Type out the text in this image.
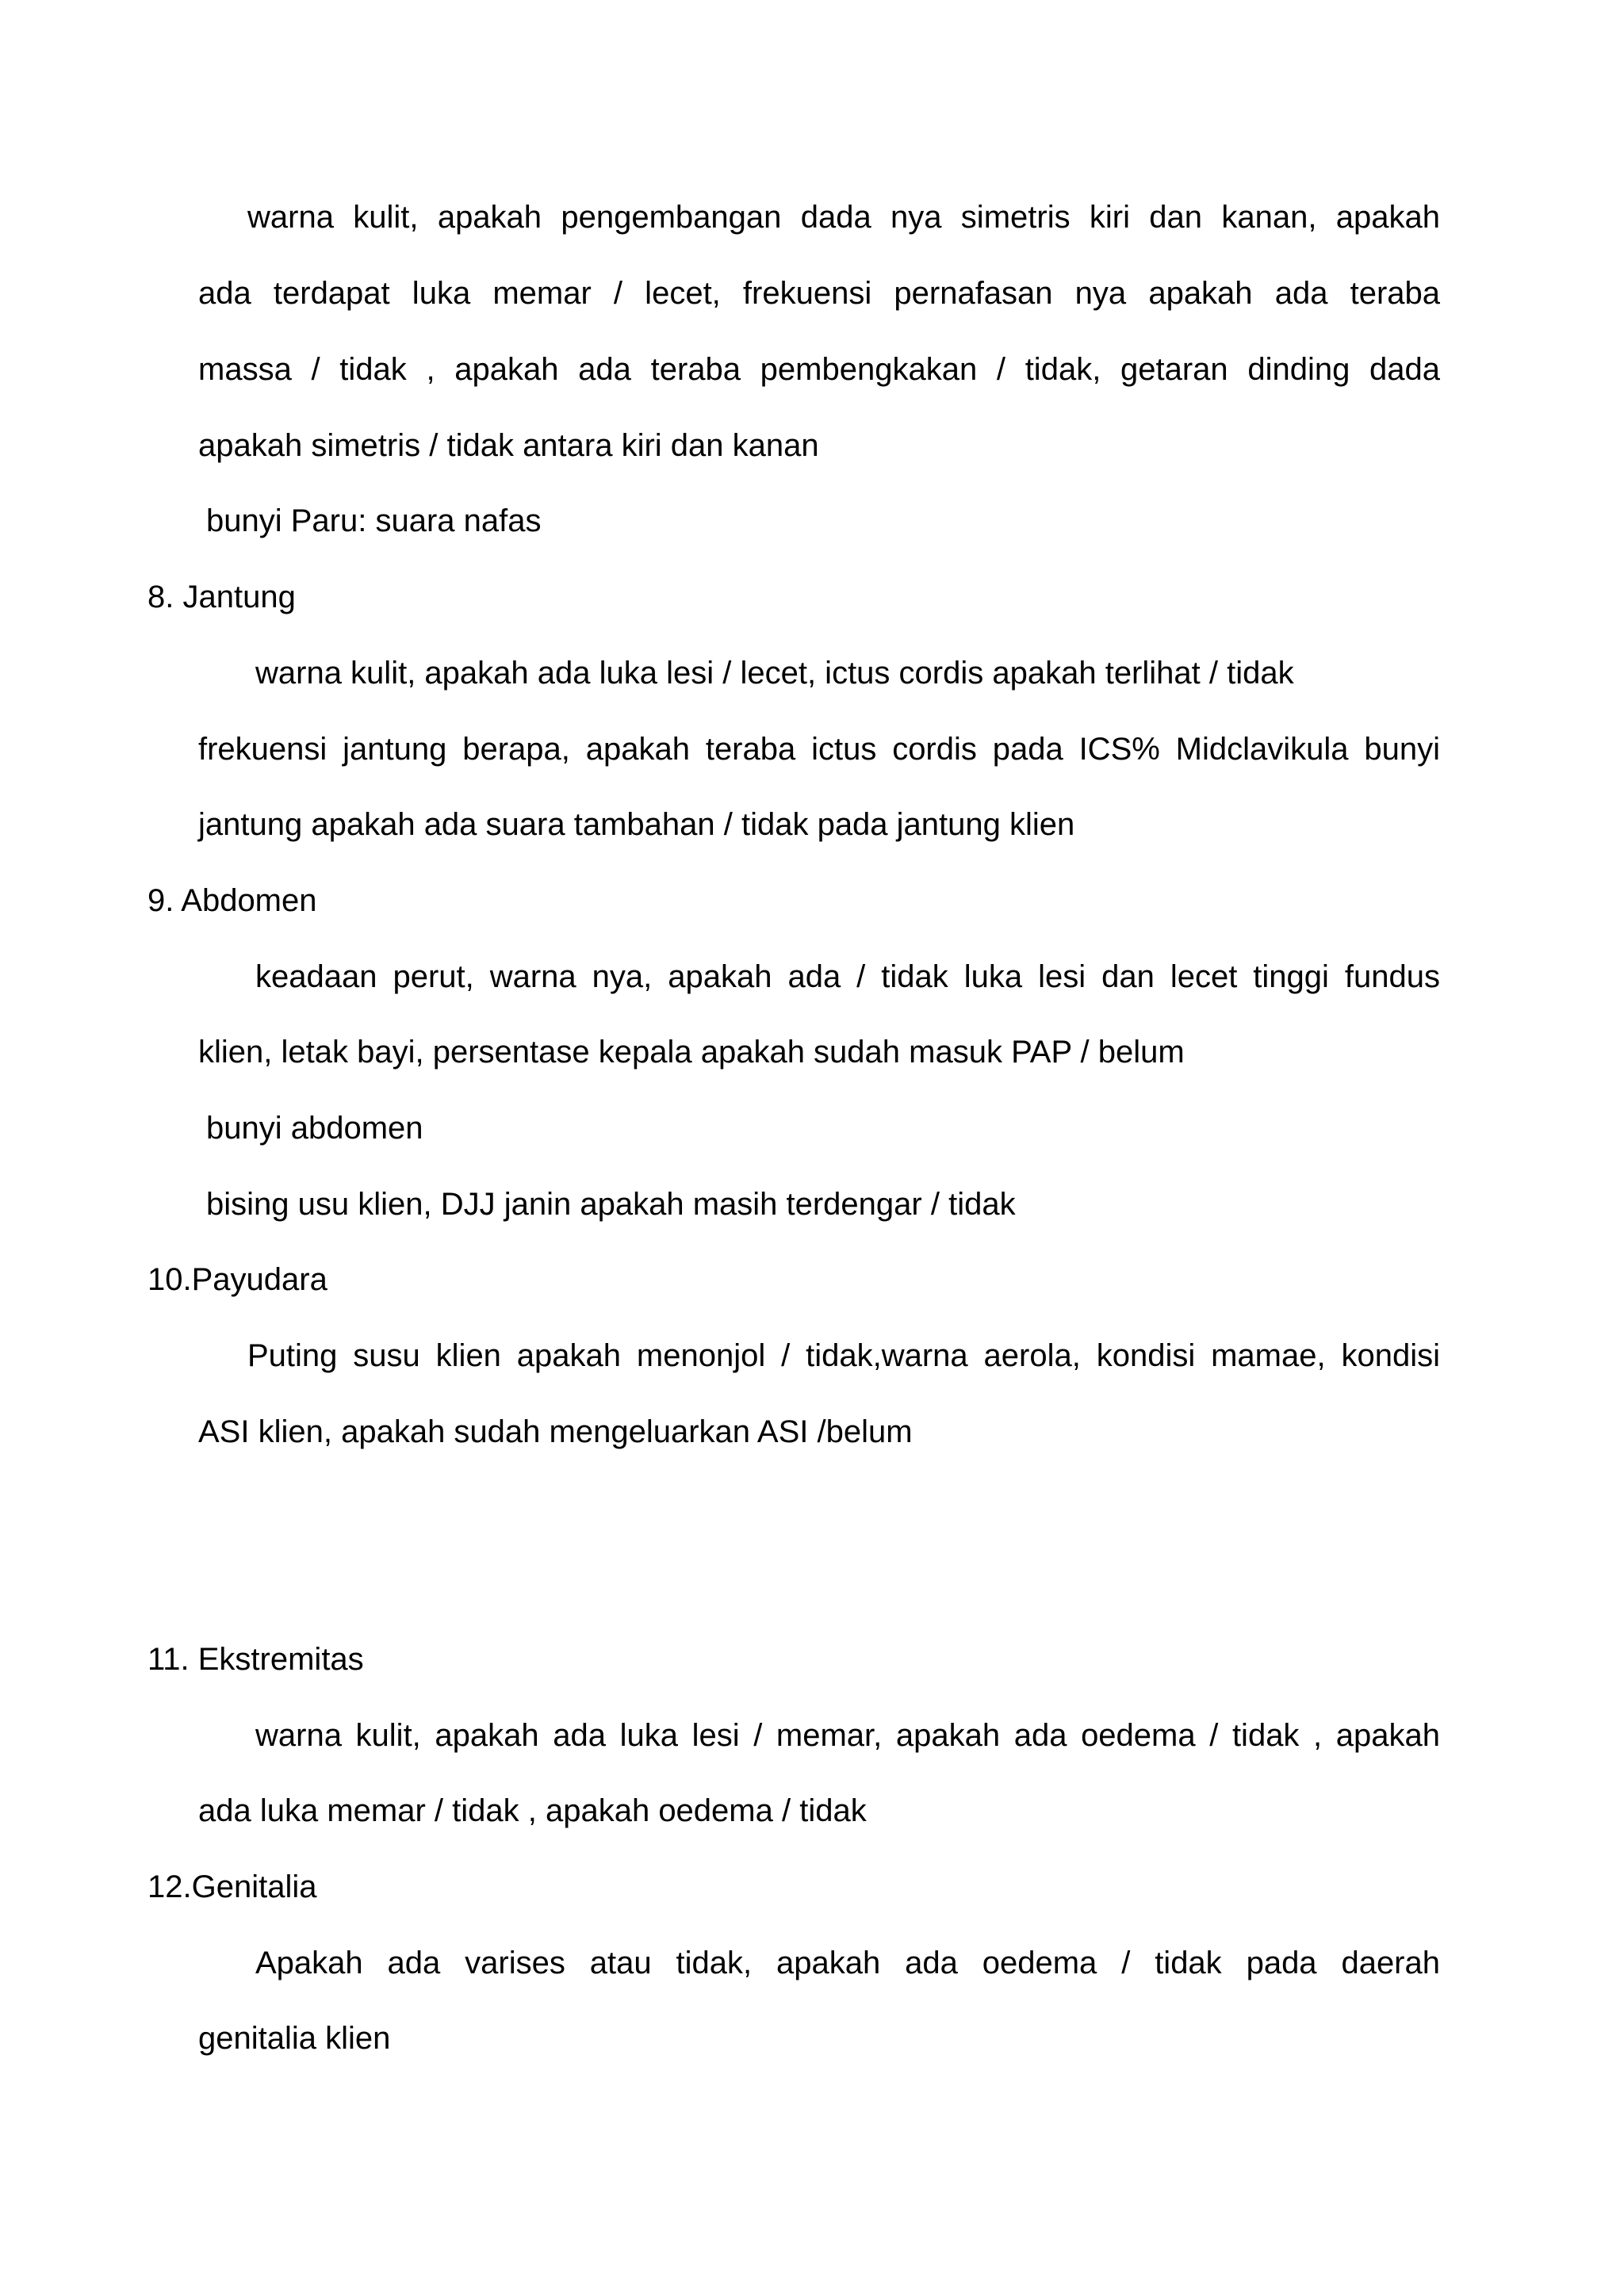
warna kulit, apakah pengembangan dada nya simetris kiri dan kanan, apakah
ada terdapat luka memar / lecet, frekuensi pernafasan nya apakah ada teraba
massa / tidak , apakah ada teraba pembengkakan / tidak, getaran dinding dada
apakah simetris / tidak antara kiri dan kanan
bunyi Paru: suara nafas
8. Jantung
warna kulit, apakah ada luka lesi / lecet, ictus cordis apakah terlihat / tidak
frekuensi jantung berapa, apakah teraba ictus cordis pada ICS% Midclavikula bunyi
jantung apakah ada suara tambahan / tidak pada jantung klien
9. Abdomen
keadaan perut, warna nya, apakah ada / tidak luka lesi dan lecet tinggi fundus
klien, letak bayi, persentase kepala apakah sudah masuk PAP / belum
bunyi abdomen
bising usu klien, DJJ janin apakah masih terdengar / tidak
10.Payudara
Puting susu klien apakah menonjol / tidak,warna aerola, kondisi mamae, kondisi
ASI klien, apakah sudah mengeluarkan ASI /belum
11. Ekstremitas
warna kulit, apakah ada luka lesi / memar, apakah ada oedema / tidak , apakah
ada luka memar / tidak , apakah oedema / tidak
12.Genitalia
Apakah ada varises atau tidak, apakah ada oedema / tidak pada daerah
genitalia klien
